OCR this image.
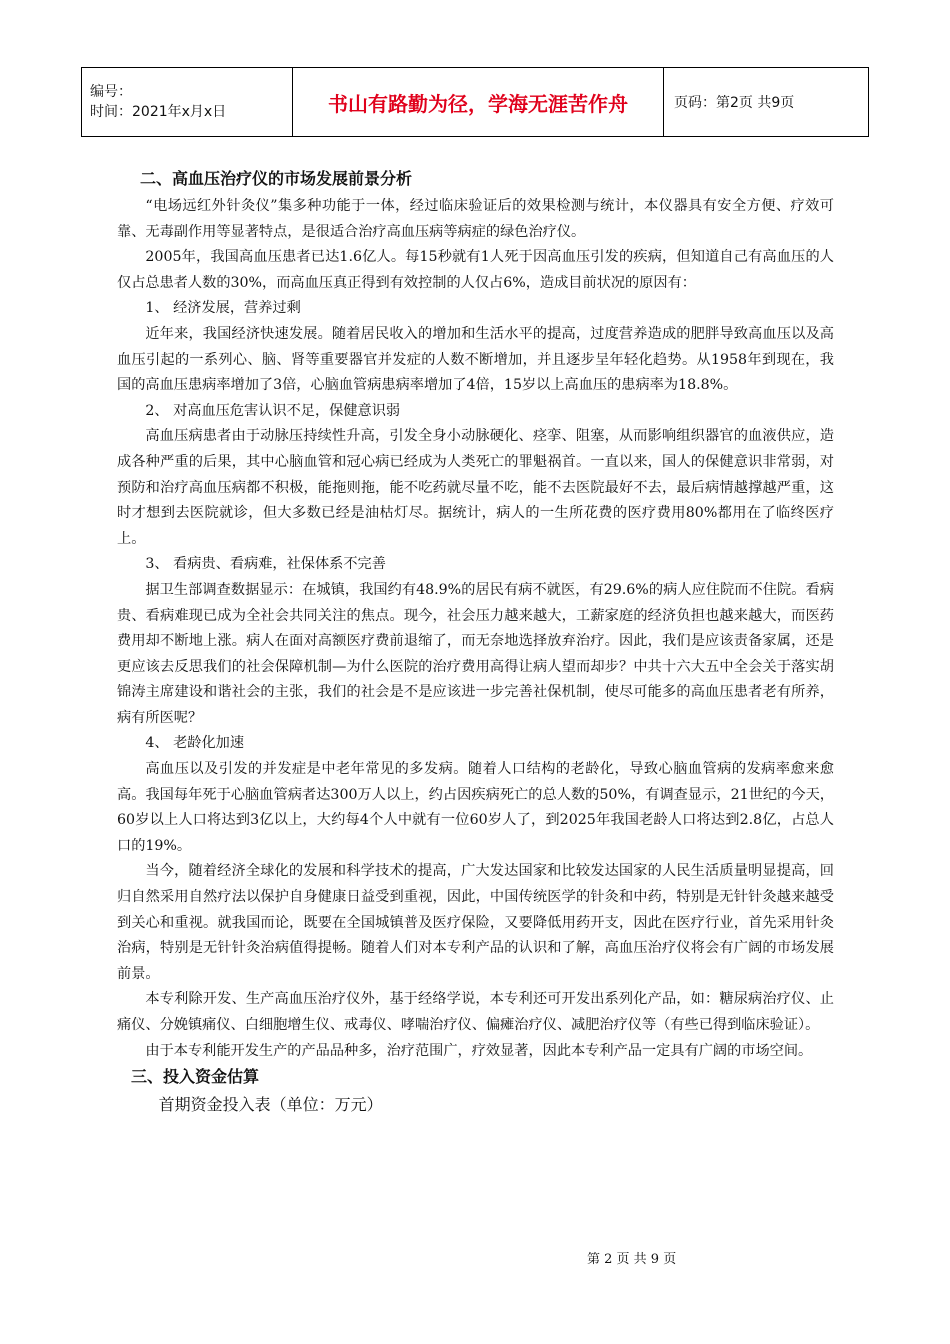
编号：
时间：2021年x月x日	书山有路勤为径，学海无涯苦作舟	页码：第2页 共9页
二、高血压治疗仪的市场发展前景分析

“电场远红外针灸仪”集多种功能于一体，经过临床验证后的效果检测与统计，本仪器具有安全方便、疗效可靠、无毒副作用等显著特点，是很适合治疗高血压病等病症的绿色治疗仪。

2005年，我国高血压患者已达1.6亿人。每15秒就有1人死于因高血压引发的疾病，但知道自己有高血压的人仅占总患者人数的30%，而高血压真正得到有效控制的人仅占6%，造成目前状况的原因有：

1、 经济发展，营养过剩

近年来，我国经济快速发展。随着居民收入的增加和生活水平的提高，过度营养造成的肥胖导致高血压以及高血压引起的一系列心、脑、肾等重要器官并发症的人数不断增加，并且逐步呈年轻化趋势。从1958年到现在，我国的高血压患病率增加了3倍，心脑血管病患病率增加了4倍，15岁以上高血压的患病率为18.8%。

2、 对高血压危害认识不足，保健意识弱

高血压病患者由于动脉压持续性升高，引发全身小动脉硬化、痉挛、阻塞，从而影响组织器官的血液供应，造成各种严重的后果，其中心脑血管和冠心病已经成为人类死亡的罪魁祸首。一直以来，国人的保健意识非常弱，对预防和治疗高血压病都不积极，能拖则拖，能不吃药就尽量不吃，能不去医院最好不去，最后病情越撑越严重，这时才想到去医院就诊，但大多数已经是油枯灯尽。据统计，病人的一生所花费的医疗费用80%都用在了临终医疗上。

3、 看病贵、看病难，社保体系不完善

据卫生部调查数据显示：在城镇，我国约有48.9%的居民有病不就医，有29.6%的病人应住院而不住院。看病贵、看病难现已成为全社会共同关注的焦点。现今，社会压力越来越大，工薪家庭的经济负担也越来越大，而医药费用却不断地上涨。病人在面对高额医疗费前退缩了，而无奈地选择放弃治疗。因此，我们是应该责备家属，还是更应该去反思我们的社会保障机制—为什么医院的治疗费用高得让病人望而却步？中共十六大五中全会关于落实胡锦涛主席建设和谐社会的主张，我们的社会是不是应该进一步完善社保机制，使尽可能多的高血压患者老有所养，病有所医呢？

4、 老龄化加速

高血压以及引发的并发症是中老年常见的多发病。随着人口结构的老龄化，导致心脑血管病的发病率愈来愈高。我国每年死于心脑血管病者达300万人以上，约占因疾病死亡的总人数的50%，有调查显示，21世纪的今天，60岁以上人口将达到3亿以上，大约每4个人中就有一位60岁人了，到2025年我国老龄人口将达到2.8亿，占总人口的19%。

当今，随着经济全球化的发展和科学技术的提高，广大发达国家和比较发达国家的人民生活质量明显提高，回归自然采用自然疗法以保护自身健康日益受到重视，因此，中国传统医学的针灸和中药，特别是无针针灸越来越受到关心和重视。就我国而论，既要在全国城镇普及医疗保险，又要降低用药开支，因此在医疗行业，首先采用针灸治病，特别是无针针灸治病值得提畅。随着人们对本专利产品的认识和了解，高血压治疗仪将会有广阔的市场发展前景。

本专利除开发、生产高血压治疗仪外，基于经络学说，本专利还可开发出系列化产品，如：糖尿病治疗仪、止痛仪、分娩镇痛仪、白细胞增生仪、戒毒仪、哮喘治疗仪、偏瘫治疗仪、减肥治疗仪等（有些已得到临床验证）。

由于本专利能开发生产的产品品种多，治疗范围广，疗效显著，因此本专利产品一定具有广阔的市场空间。

三、投入资金估算

首期资金投入表（单位：万元）

第 2 页 共 9 页
